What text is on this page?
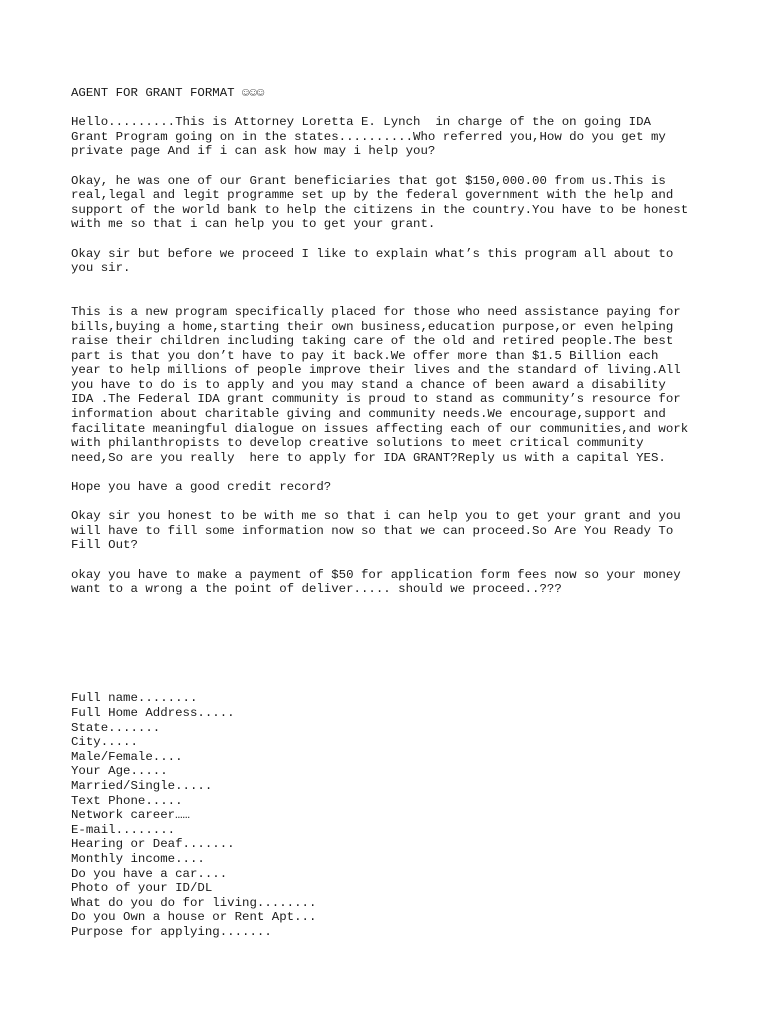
AGENT FOR GRANT FORMAT ☺☺☺
Hello.........This is Attorney Loretta E. Lynch  in charge of the on going IDA
Grant Program going on in the states..........Who referred you,How do you get my
private page And if i can ask how may i help you?
Okay, he was one of our Grant beneficiaries that got $150,000.00 from us.This is
real,legal and legit programme set up by the federal government with the help and
support of the world bank to help the citizens in the country.You have to be honest
with me so that i can help you to get your grant.
Okay sir but before we proceed I like to explain what’s this program all about to
you sir.
This is a new program specifically placed for those who need assistance paying for
bills,buying a home,starting their own business,education purpose,or even helping
raise their children including taking care of the old and retired people.The best
part is that you don’t have to pay it back.We offer more than $1.5 Billion each
year to help millions of people improve their lives and the standard of living.All
you have to do is to apply and you may stand a chance of been award a disability
IDA .The Federal IDA grant community is proud to stand as community’s resource for
information about charitable giving and community needs.We encourage,support and
facilitate meaningful dialogue on issues affecting each of our communities,and work
with philanthropists to develop creative solutions to meet critical community
need,So are you really  here to apply for IDA GRANT?Reply us with a capital YES.
Hope you have a good credit record?
Okay sir you honest to be with me so that i can help you to get your grant and you
will have to fill some information now so that we can proceed.So Are You Ready To
Fill Out?
okay you have to make a payment of $50 for application form fees now so your money
want to a wrong a the point of deliver..... should we proceed..???
Full name........
Full Home Address.....
State.......
City.....
Male/Female....
Your Age.....
Married/Single.....
Text Phone.....
Network career……
E-mail........
Hearing or Deaf.......
Monthly income....
Do you have a car....
Photo of your ID/DL
What do you do for living........
Do you Own a house or Rent Apt...
Purpose for applying.......
